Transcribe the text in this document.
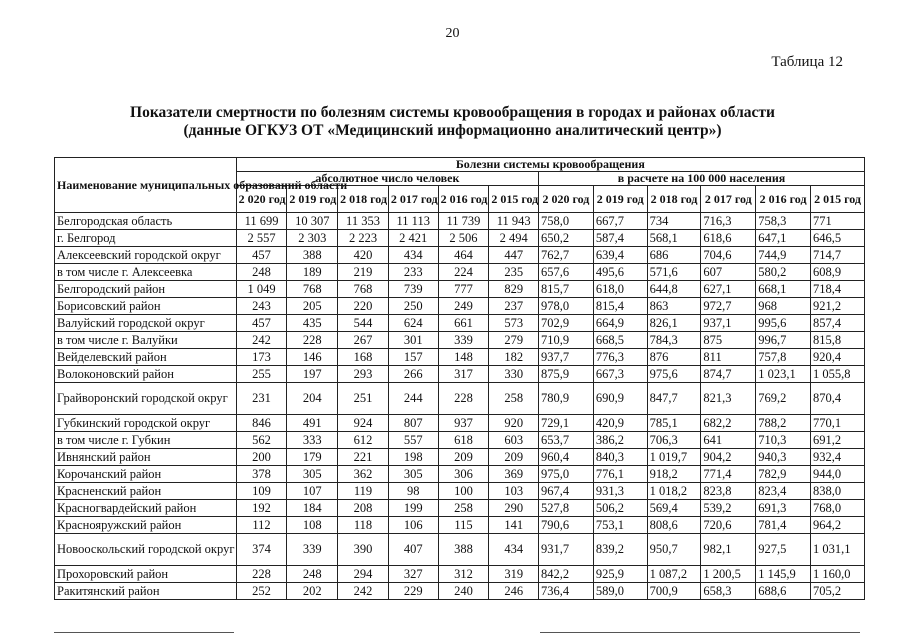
20
Таблица 12
Показатели смертности по болезням системы кровообращения в городах и районах области
(данные ОГКУЗ ОТ «Медицинский информационно аналитический центр»)
Наименование муниципальных образований области	Болезни системы кровообращения											
	абсолютное число человек						в расчете на 100 000 населения					
	2 020 год	2 019 год	2 018 год	2 017 год	2 016 год	2 015 год	2 020 год	2 019 год	2 018 год	2 017 год	2 016 год	2 015 год
Белгородская область	11 699	10 307	11 353	11 113	11 739	11 943	758,0	667,7	734	716,3	758,3	771
г. Белгород	2 557	2 303	2 223	2 421	2 506	2 494	650,2	587,4	568,1	618,6	647,1	646,5
Алексеевский городской округ	457	388	420	434	464	447	762,7	639,4	686	704,6	744,9	714,7
в том числе г. Алексеевка	248	189	219	233	224	235	657,6	495,6	571,6	607	580,2	608,9
Белгородский район	1 049	768	768	739	777	829	815,7	618,0	644,8	627,1	668,1	718,4
Борисовский район	243	205	220	250	249	237	978,0	815,4	863	972,7	968	921,2
Валуйский городской округ	457	435	544	624	661	573	702,9	664,9	826,1	937,1	995,6	857,4
в том числе г. Валуйки	242	228	267	301	339	279	710,9	668,5	784,3	875	996,7	815,8
Вейделевский район	173	146	168	157	148	182	937,7	776,3	876	811	757,8	920,4
Волоконовский район	255	197	293	266	317	330	875,9	667,3	975,6	874,7	1 023,1	1 055,8
Грайворонский городской округ	231	204	251	244	228	258	780,9	690,9	847,7	821,3	769,2	870,4
Губкинский городской округ	846	491	924	807	937	920	729,1	420,9	785,1	682,2	788,2	770,1
в том числе г. Губкин	562	333	612	557	618	603	653,7	386,2	706,3	641	710,3	691,2
Ивнянский район	200	179	221	198	209	209	960,4	840,3	1 019,7	904,2	940,3	932,4
Корочанский район	378	305	362	305	306	369	975,0	776,1	918,2	771,4	782,9	944,0
Красненский район	109	107	119	98	100	103	967,4	931,3	1 018,2	823,8	823,4	838,0
Красногвардейский район	192	184	208	199	258	290	527,8	506,2	569,4	539,2	691,3	768,0
Краснояружский район	112	108	118	106	115	141	790,6	753,1	808,6	720,6	781,4	964,2
Новооскольский городской округ	374	339	390	407	388	434	931,7	839,2	950,7	982,1	927,5	1 031,1
Прохоровский район	228	248	294	327	312	319	842,2	925,9	1 087,2	1 200,5	1 145,9	1 160,0
Ракитянский район	252	202	242	229	240	246	736,4	589,0	700,9	658,3	688,6	705,2
